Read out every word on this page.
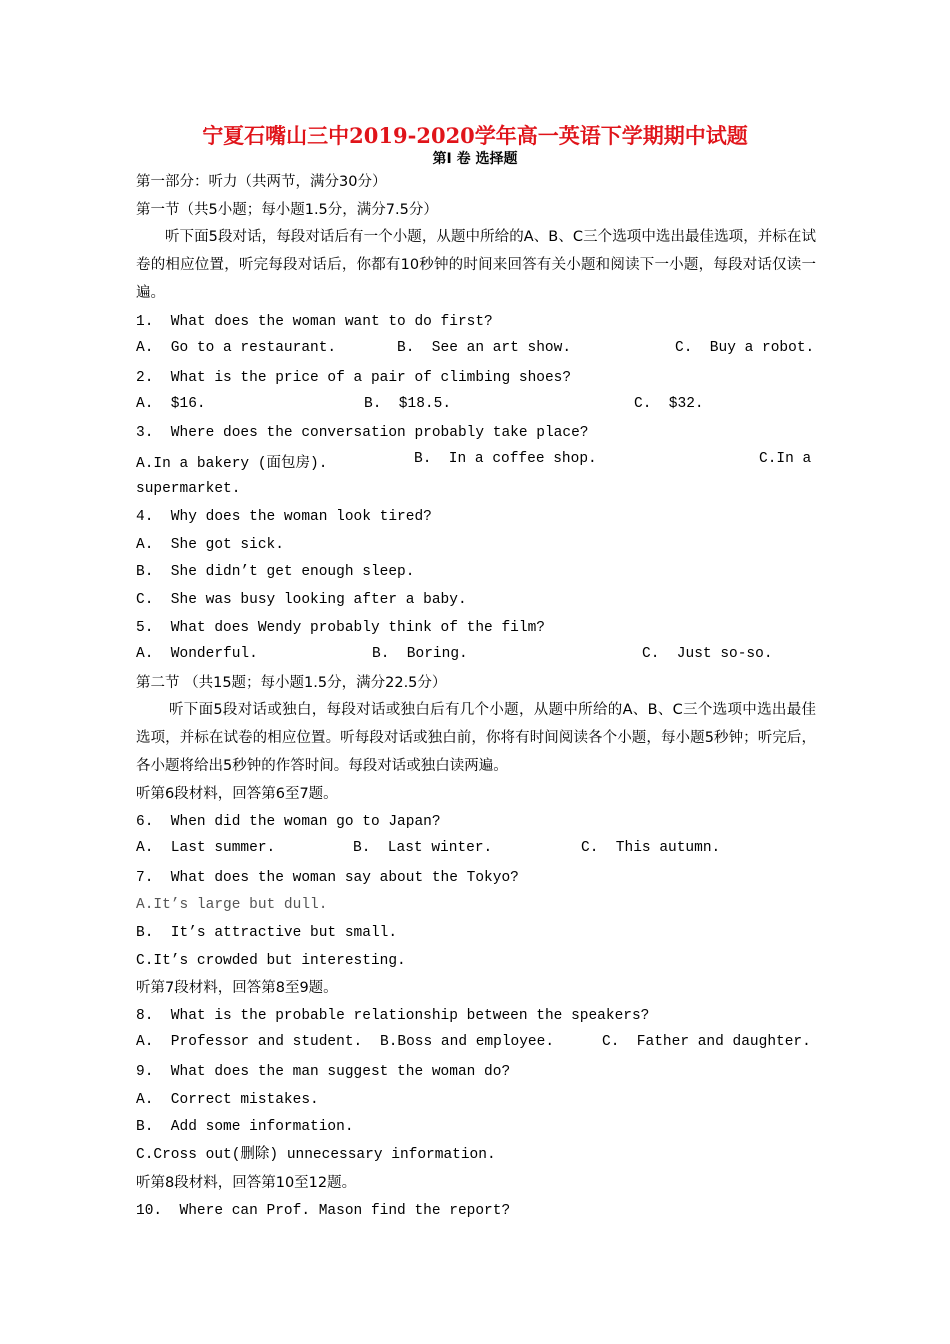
宁夏石嘴山三中2019-2020学年高一英语下学期期中试题
第I 卷 选择题
第一部分：听力（共两节，满分30分）
第一节（共5小题；每小题1.5分，满分7.5分）
听下面5段对话，每段对话后有一个小题，从题中所给的A、B、C三个选项中选出最佳选项，并标在试卷的相应位置，听完每段对话后，你都有10秒钟的时间来回答有关小题和阅读下一小题，每段对话仅读一遍。
1.  What does the woman want to do first?
A.  Go to a restaurant.	B.  See an art show.	C.  Buy a robot.
2.  What is the price of a pair of climbing shoes?
A.  $16.	B.  $18.5.	C.  $32.
3.  Where does the conversation probably take place?
A.In a bakery (面包房).	B.  In a coffee shop.	C.In a
supermarket.
4.  Why does the woman look tired?
A.  She got sick.
B.  She didn’t get enough sleep.
C.  She was busy looking after a baby.
5.  What does Wendy probably think of the film?
A.  Wonderful.	B.  Boring.	C.  Just so-so.
第二节 （共15题；每小题1.5分，满分22.5分）
听下面5段对话或独白，每段对话或独白后有几个小题，从题中所给的A、B、C三个选项中选出最佳选项，并标在试卷的相应位置。听每段对话或独白前，你将有时间阅读各个小题，每小题5秒钟；听完后，各小题将给出5秒钟的作答时间。每段对话或独白读两遍。
听第6段材料，回答第6至7题。
6.  When did the woman go to Japan?
A.  Last summer.	B.  Last winter.	C.  This autumn.
7.  What does the woman say about the Tokyo?
A.It’s large but dull.
B.  It’s attractive but small.
C.It’s crowded but interesting.
听第7段材料，回答第8至9题。
8.  What is the probable relationship between the speakers?
A.  Professor and student. B.Boss and employee.	C.  Father and daughter.
9.  What does the man suggest the woman do?
A.  Correct mistakes.
B.  Add some information.
C.Cross out(删除) unnecessary information.
听第8段材料，回答第10至12题。
10.  Where can Prof. Mason find the report?
